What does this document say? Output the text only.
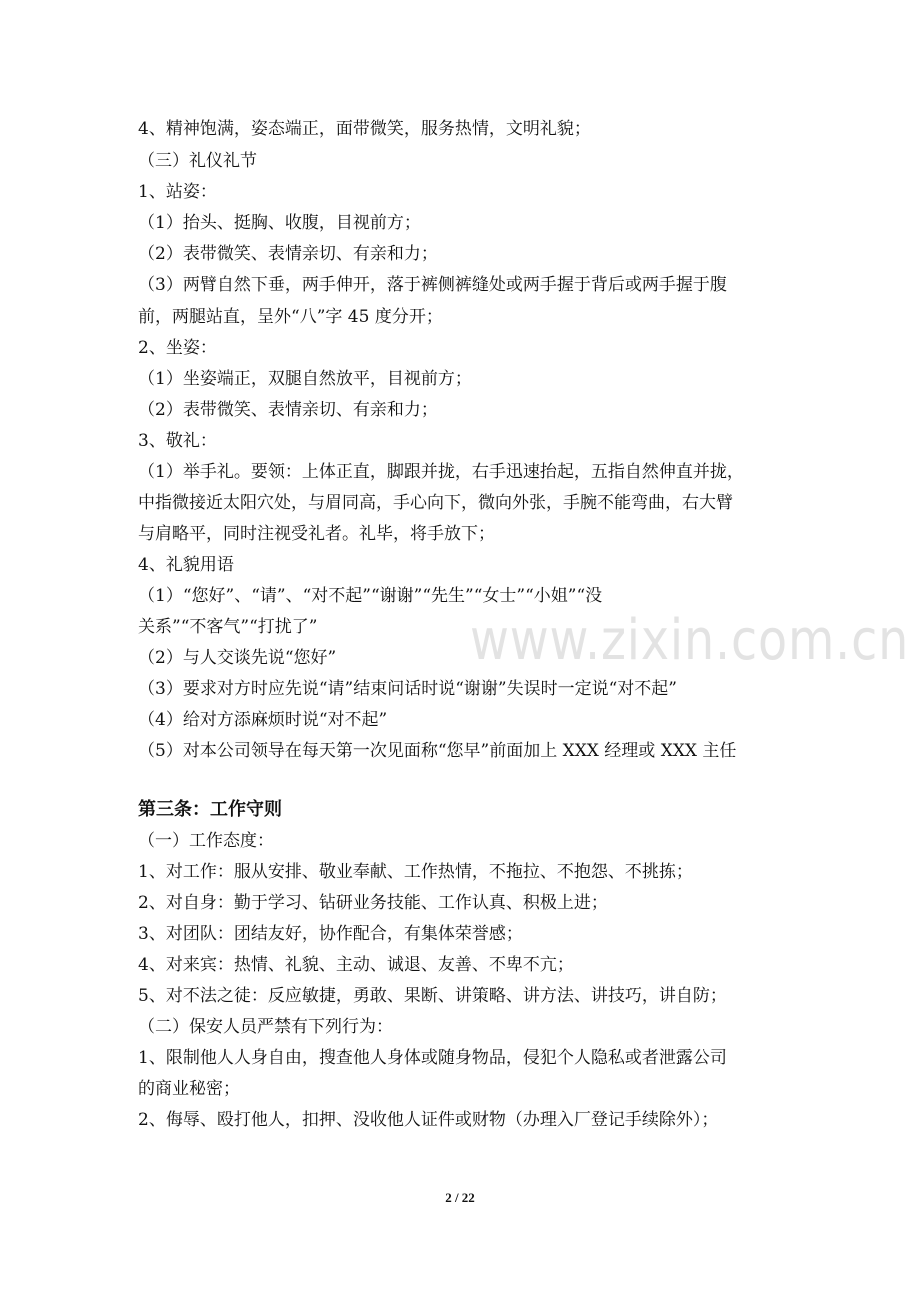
4、精神饱满，姿态端正，面带微笑，服务热情，文明礼貌；
（三）礼仪礼节
1、站姿：
（1）抬头、挺胸、收腹，目视前方；
（2）表带微笑、表情亲切、有亲和力；
（3）两臂自然下垂，两手伸开，落于裤侧裤缝处或两手握于背后或两手握于腹
前，两腿站直，呈外“八”字 45 度分开；
2、坐姿：
（1）坐姿端正，双腿自然放平，目视前方；
（2）表带微笑、表情亲切、有亲和力；
3、敬礼：
（1）举手礼。要领：上体正直，脚跟并拢，右手迅速抬起，五指自然伸直并拢，
中指微接近太阳穴处，与眉同高，手心向下，微向外张，手腕不能弯曲，右大臂
与肩略平，同时注视受礼者。礼毕，将手放下；
4、礼貌用语
（1）“您好”、“请”、“对不起”“谢谢”“先生”“女士”“小姐”“没
关系”“不客气”“打扰了”	www.zixin.com.cn
（2）与人交谈先说“您好”
（3）要求对方时应先说“请”结束问话时说“谢谢”失误时一定说“对不起”
（4）给对方添麻烦时说“对不起”
（5）对本公司领导在每天第一次见面称“您早”前面加上 XXX 经理或 XXX 主任
第三条：工作守则
（一）工作态度：
1、对工作：服从安排、敬业奉献、工作热情，不拖拉、不抱怨、不挑拣；
2、对自身：勤于学习、钻研业务技能、工作认真、积极上进；
3、对团队：团结友好，协作配合，有集体荣誉感；
4、对来宾：热情、礼貌、主动、诚退、友善、不卑不亢；
5、对不法之徒：反应敏捷，勇敢、果断、讲策略、讲方法、讲技巧，讲自防；
（二）保安人员严禁有下列行为：
1、限制他人人身自由，搜查他人身体或随身物品，侵犯个人隐私或者泄露公司
的商业秘密；
2、侮辱、殴打他人，扣押、没收他人证件或财物（办理入厂登记手续除外）；
2 / 22
